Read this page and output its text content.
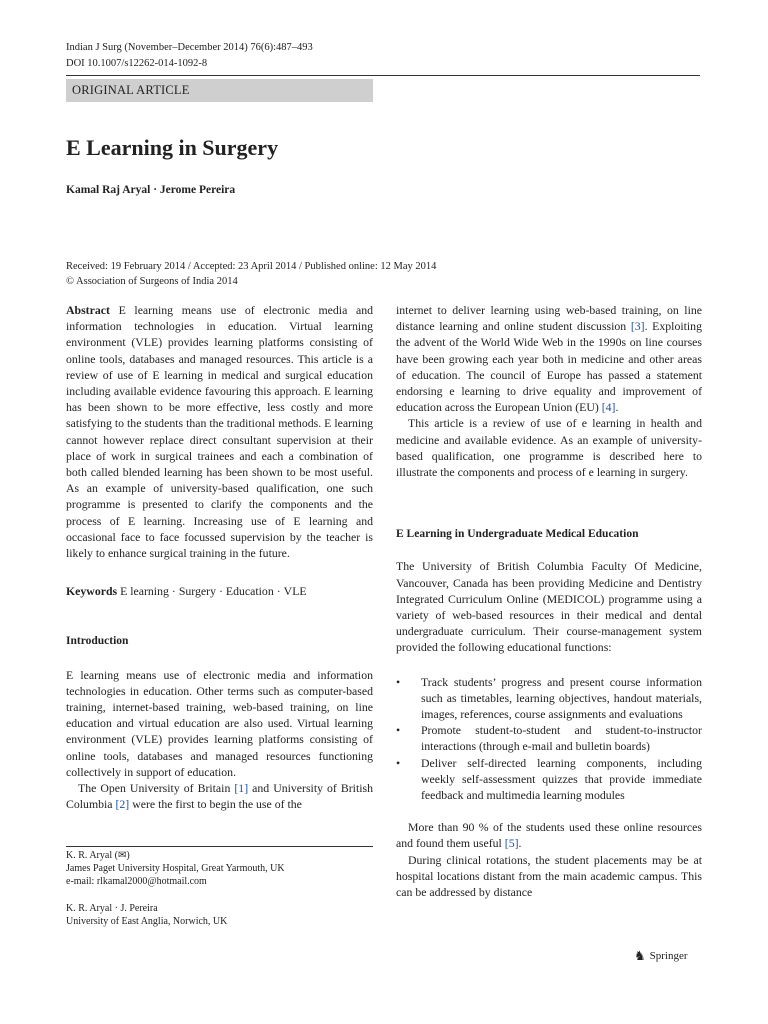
Indian J Surg (November–December 2014) 76(6):487–493
DOI 10.1007/s12262-014-1092-8
ORIGINAL ARTICLE
E Learning in Surgery
Kamal Raj Aryal · Jerome Pereira
Received: 19 February 2014 / Accepted: 23 April 2014 / Published online: 12 May 2014
© Association of Surgeons of India 2014

Abstract E learning means use of electronic media and information technologies in education. Virtual learning environment (VLE) provides learning platforms consisting of online tools, databases and managed resources. This article is a review of use of E learning in medical and surgical education including available evidence favouring this approach. E learning has been shown to be more effective, less costly and more satisfying to the students than the traditional methods. E learning cannot however replace direct consultant supervision at their place of work in surgical trainees and each a combination of both called blended learning has been shown to be most useful. As an example of university-based qualification, one such programme is presented to clarify the components and the process of E learning. Increasing use of E learning and occasional face to face focussed supervision by the teacher is likely to enhance surgical training in the future.

Keywords E learning · Surgery · Education · VLE

Introduction

E learning means use of electronic media and information technologies in education. Other terms such as computer-based training, internet-based training, web-based training, on line education and virtual education are also used. Virtual learning environment (VLE) provides learning platforms consisting of online tools, databases and managed resources functioning collectively in support of education.

The Open University of Britain [1] and University of British Columbia [2] were the first to begin the use of the

internet to deliver learning using web-based training, on line distance learning and online student discussion [3]. Exploiting the advent of the World Wide Web in the 1990s on line courses have been growing each year both in medicine and other areas of education. The council of Europe has passed a statement endorsing e learning to drive equality and improvement of education across the European Union (EU) [4].

This article is a review of use of e learning in health and medicine and available evidence. As an example of university-based qualification, one programme is described here to illustrate the components and process of e learning in surgery.

E Learning in Undergraduate Medical Education

The University of British Columbia Faculty Of Medicine, Vancouver, Canada has been providing Medicine and Dentistry Integrated Curriculum Online (MEDICOL) programme using a variety of web-based resources in their medical and dental undergraduate curriculum. Their course-management system provided the following educational functions:

• Track students’ progress and present course information such as timetables, learning objectives, handout materials, images, references, course assignments and evaluations
• Promote student-to-student and student-to-instructor interactions (through e-mail and bulletin boards)
• Deliver self-directed learning components, including weekly self-assessment quizzes that provide immediate feedback and multimedia learning modules

More than 90 % of the students used these online resources and found them useful [5].

During clinical rotations, the student placements may be at hospital locations distant from the main academic campus. This can be addressed by distance

K. R. Aryal (✉)
James Paget University Hospital, Great Yarmouth, UK
e-mail: rlkamal2000@hotmail.com
K. R. Aryal · J. Pereira
University of East Anglia, Norwich, UK
♞ Springer
